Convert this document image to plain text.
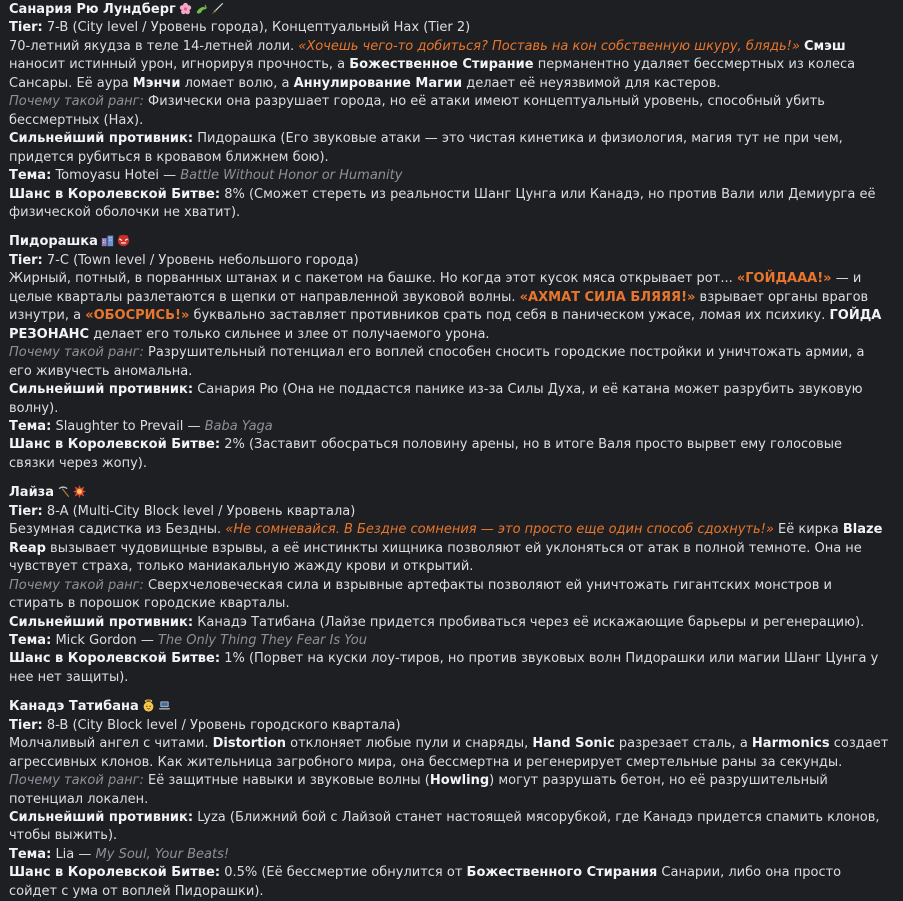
Санария Рю Лундберг
Tier: 7-B (City level / Уровень города), Концептуальный Нах (Tier 2)
70-летний якудза в теле 14-летней лоли. «Хочешь чего-то добиться? Поставь на кон собственную шкуру, блядь!» Смэш наносит истинный урон, игнорируя прочность, а Божественное Стирание перманентно удаляет бессмертных из колеса Сансары. Её аура Мэнчи ломает волю, а Аннулирование Магии делает её неуязвимой для кастеров.
Почему такой ранг: Физически она разрушает города, но её атаки имеют концептуальный уровень, способный убить бессмертных (Нах).
Сильнейший противник: Пидорашка (Его звуковые атаки — это чистая кинетика и физиология, магия тут не при чем, придется рубиться в кровавом ближнем бою).
Тема: Tomoyasu Hotei — Battle Without Honor or Humanity
Шанс в Королевской Битве: 8% (Сможет стереть из реальности Шанг Цунга или Канадэ, но против Вали или Демиурга её физической оболочки не хватит).
Пидорашка
Tier: 7-C (Town level / Уровень небольшого города)
Жирный, потный, в порванных штанах и с пакетом на башке. Но когда этот кусок мяса открывает рот... «ГОЙДААА!» — и целые кварталы разлетаются в щепки от направленной звуковой волны. «АХМАТ СИЛА БЛЯЯЯ!» взрывает органы врагов изнутри, а «ОБОСРИСЬ!» буквально заставляет противников срать под себя в паническом ужасе, ломая их психику. ГОЙДА РЕЗОНАНС делает его только сильнее и злее от получаемого урона.
Почему такой ранг: Разрушительный потенциал его воплей способен сносить городские постройки и уничтожать армии, а его живучесть аномальна.
Сильнейший противник: Санария Рю (Она не поддастся панике из-за Силы Духа, и её катана может разрубить звуковую волну).
Тема: Slaughter to Prevail — Baba Yaga
Шанс в Королевской Битве: 2% (Заставит обосраться половину арены, но в итоге Валя просто вырвет ему голосовые связки через жопу).
Лайза
Tier: 8-A (Multi-City Block level / Уровень квартала)
Безумная садистка из Бездны. «Не сомневайся. В Бездне сомнения — это просто еще один способ сдохнуть!» Её кирка Blaze Reap вызывает чудовищные взрывы, а её инстинкты хищника позволяют ей уклоняться от атак в полной темноте. Она не чувствует страха, только маниакальную жажду крови и открытий.
Почему такой ранг: Сверхчеловеческая сила и взрывные артефакты позволяют ей уничтожать гигантских монстров и стирать в порошок городские кварталы.
Сильнейший противник: Канадэ Татибана (Лайзе придется пробиваться через её искажающие барьеры и регенерацию).
Тема: Mick Gordon — The Only Thing They Fear Is You
Шанс в Королевской Битве: 1% (Порвет на куски лоу-тиров, но против звуковых волн Пидорашки или магии Шанг Цунга у нее нет защиты).
Канадэ Татибана
Tier: 8-B (City Block level / Уровень городского квартала)
Молчаливый ангел с читами. Distortion отклоняет любые пули и снаряды, Hand Sonic разрезает сталь, а Harmonics создает агрессивных клонов. Как жительница загробного мира, она бессмертна и регенерирует смертельные раны за секунды.
Почему такой ранг: Её защитные навыки и звуковые волны (Howling) могут разрушать бетон, но её разрушительный потенциал локален.
Сильнейший противник: Lyza (Ближний бой с Лайзой станет настоящей мясорубкой, где Канадэ придется спамить клонов, чтобы выжить).
Тема: Lia — My Soul, Your Beats!
Шанс в Королевской Битве: 0.5% (Её бессмертие обнулится от Божественного Стирания Санарии, либо она просто сойдет с ума от воплей Пидорашки).
